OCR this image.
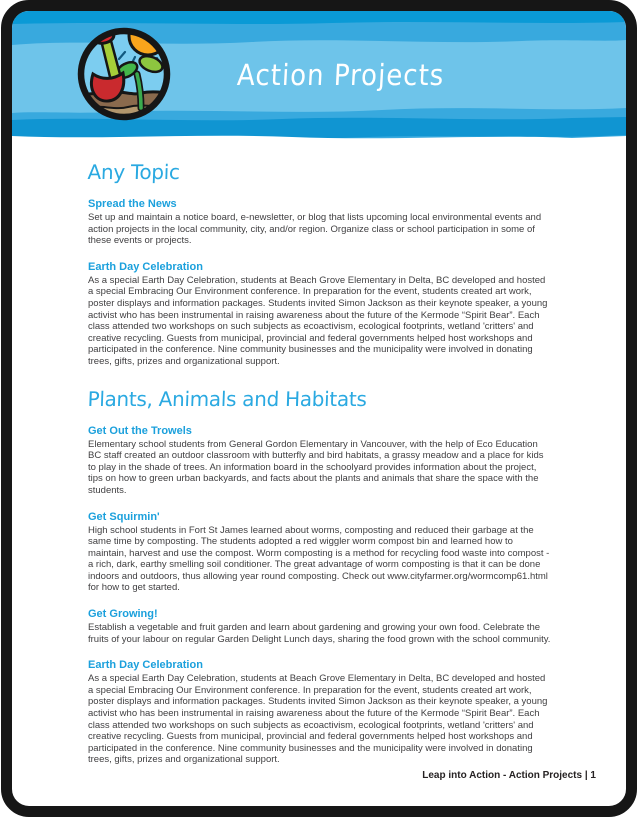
Action Projects
Any Topic
Spread the News

Set up and maintain a notice board, e-newsletter, or blog that lists upcoming local environmental events and action projects in the local community, city, and/or region. Organize class or school participation in some of these events or projects.

Earth Day Celebration

As a special Earth Day Celebration, students at Beach Grove Elementary in Delta, BC developed and hosted a special Embracing Our Environment conference. In preparation for the event, students created art work, poster displays and information packages. Students invited Simon Jackson as their keynote speaker, a young activist who has been instrumental in raising awareness about the future of the Kermode “Spirit Bear”. Each class attended two workshops on such subjects as ecoactivism, ecological footprints, wetland 'critters' and creative recycling. Guests from municipal, provincial and federal governments helped host workshops and participated in the conference. Nine community businesses and the municipality were involved in donating trees, gifts, prizes and organizational support.

Plants, Animals and Habitats
Get Out the Trowels

Elementary school students from General Gordon Elementary in Vancouver, with the help of Eco Education BC staff created an outdoor classroom with butterfly and bird habitats, a grassy meadow and a place for kids to play in the shade of trees. An information board in the schoolyard provides information about the project, tips on how to green urban backyards, and facts about the plants and animals that share the space with the students.

Get Squirmin'

High school students in Fort St James learned about worms, composting and reduced their garbage at the same time by composting. The students adopted a red wiggler worm compost bin and learned how to maintain, harvest and use the compost. Worm composting is a method for recycling food waste into compost - a rich, dark, earthy smelling soil conditioner. The great advantage of worm composting is that it can be done indoors and outdoors, thus allowing year round composting. Check out www.cityfarmer.org/wormcomp61.html for how to get started.

Get Growing!

Establish a vegetable and fruit garden and learn about gardening and growing your own food. Celebrate the fruits of your labour on regular Garden Delight Lunch days, sharing the food grown with the school community.

Earth Day Celebration

As a special Earth Day Celebration, students at Beach Grove Elementary in Delta, BC developed and hosted a special Embracing Our Environment conference. In preparation for the event, students created art work, poster displays and information packages. Students invited Simon Jackson as their keynote speaker, a young activist who has been instrumental in raising awareness about the future of the Kermode “Spirit Bear”. Each class attended two workshops on such subjects as ecoactivism, ecological footprints, wetland 'critters' and creative recycling. Guests from municipal, provincial and federal governments helped host workshops and participated in the conference. Nine community businesses and the municipality were involved in donating trees, gifts, prizes and organizational support.

Leap into Action - Action Projects | 1
